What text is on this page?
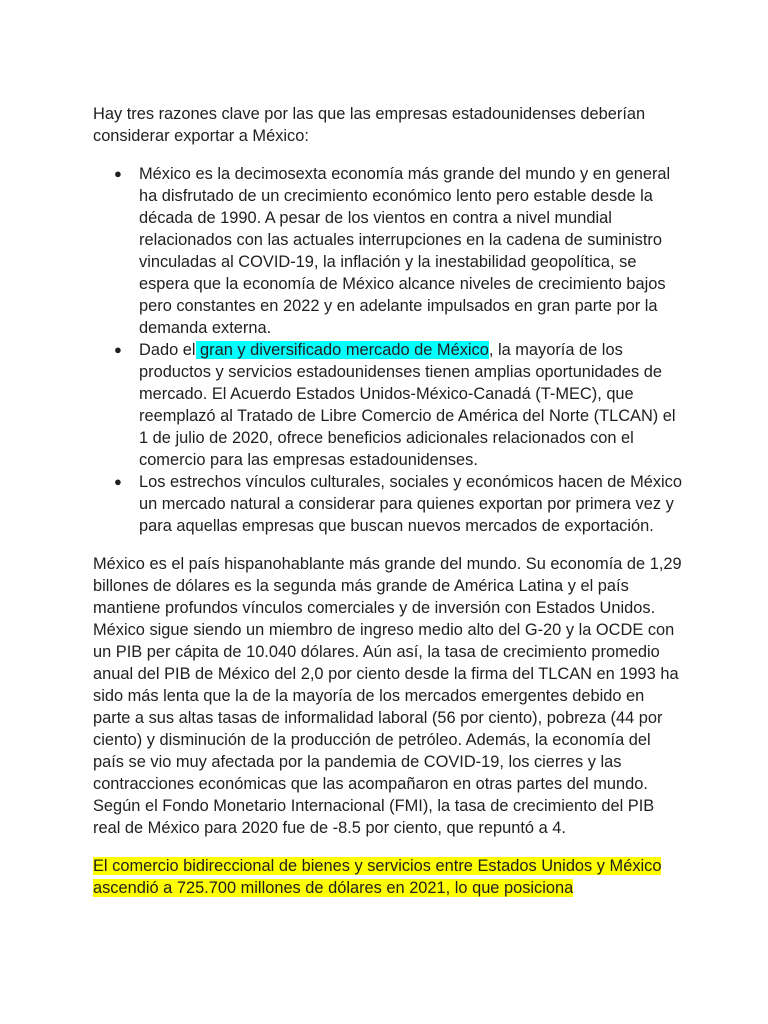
Hay tres razones clave por las que las empresas estadounidenses deberían considerar exportar a México:

● México es la decimosexta economía más grande del mundo y en general ha disfrutado de un crecimiento económico lento pero estable desde la década de 1990. A pesar de los vientos en contra a nivel mundial relacionados con las actuales interrupciones en la cadena de suministro vinculadas al COVID-19, la inflación y la inestabilidad geopolítica, se espera que la economía de México alcance niveles de crecimiento bajos pero constantes en 2022 y en adelante impulsados en gran parte por la demanda externa.
● Dado el gran y diversificado mercado de México, la mayoría de los productos y servicios estadounidenses tienen amplias oportunidades de mercado. El Acuerdo Estados Unidos-México-Canadá (T-MEC), que reemplazó al Tratado de Libre Comercio de América del Norte (TLCAN) el 1 de julio de 2020, ofrece beneficios adicionales relacionados con el comercio para las empresas estadounidenses.
● Los estrechos vínculos culturales, sociales y económicos hacen de México un mercado natural a considerar para quienes exportan por primera vez y para aquellas empresas que buscan nuevos mercados de exportación.

México es el país hispanohablante más grande del mundo. Su economía de 1,29 billones de dólares es la segunda más grande de América Latina y el país mantiene profundos vínculos comerciales y de inversión con Estados Unidos. México sigue siendo un miembro de ingreso medio alto del G-20 y la OCDE con un PIB per cápita de 10.040 dólares. Aún así, la tasa de crecimiento promedio anual del PIB de México del 2,0 por ciento desde la firma del TLCAN en 1993 ha sido más lenta que la de la mayoría de los mercados emergentes debido en parte a sus altas tasas de informalidad laboral (56 por ciento), pobreza (44 por ciento) y disminución de la producción de petróleo. Además, la economía del país se vio muy afectada por la pandemia de COVID-19, los cierres y las contracciones económicas que las acompañaron en otras partes del mundo. Según el Fondo Monetario Internacional (FMI), la tasa de crecimiento del PIB real de México para 2020 fue de -8.5 por ciento, que repuntó a 4.

El comercio bidireccional de bienes y servicios entre Estados Unidos y México ascendió a 725.700 millones de dólares en 2021, lo que posiciona
